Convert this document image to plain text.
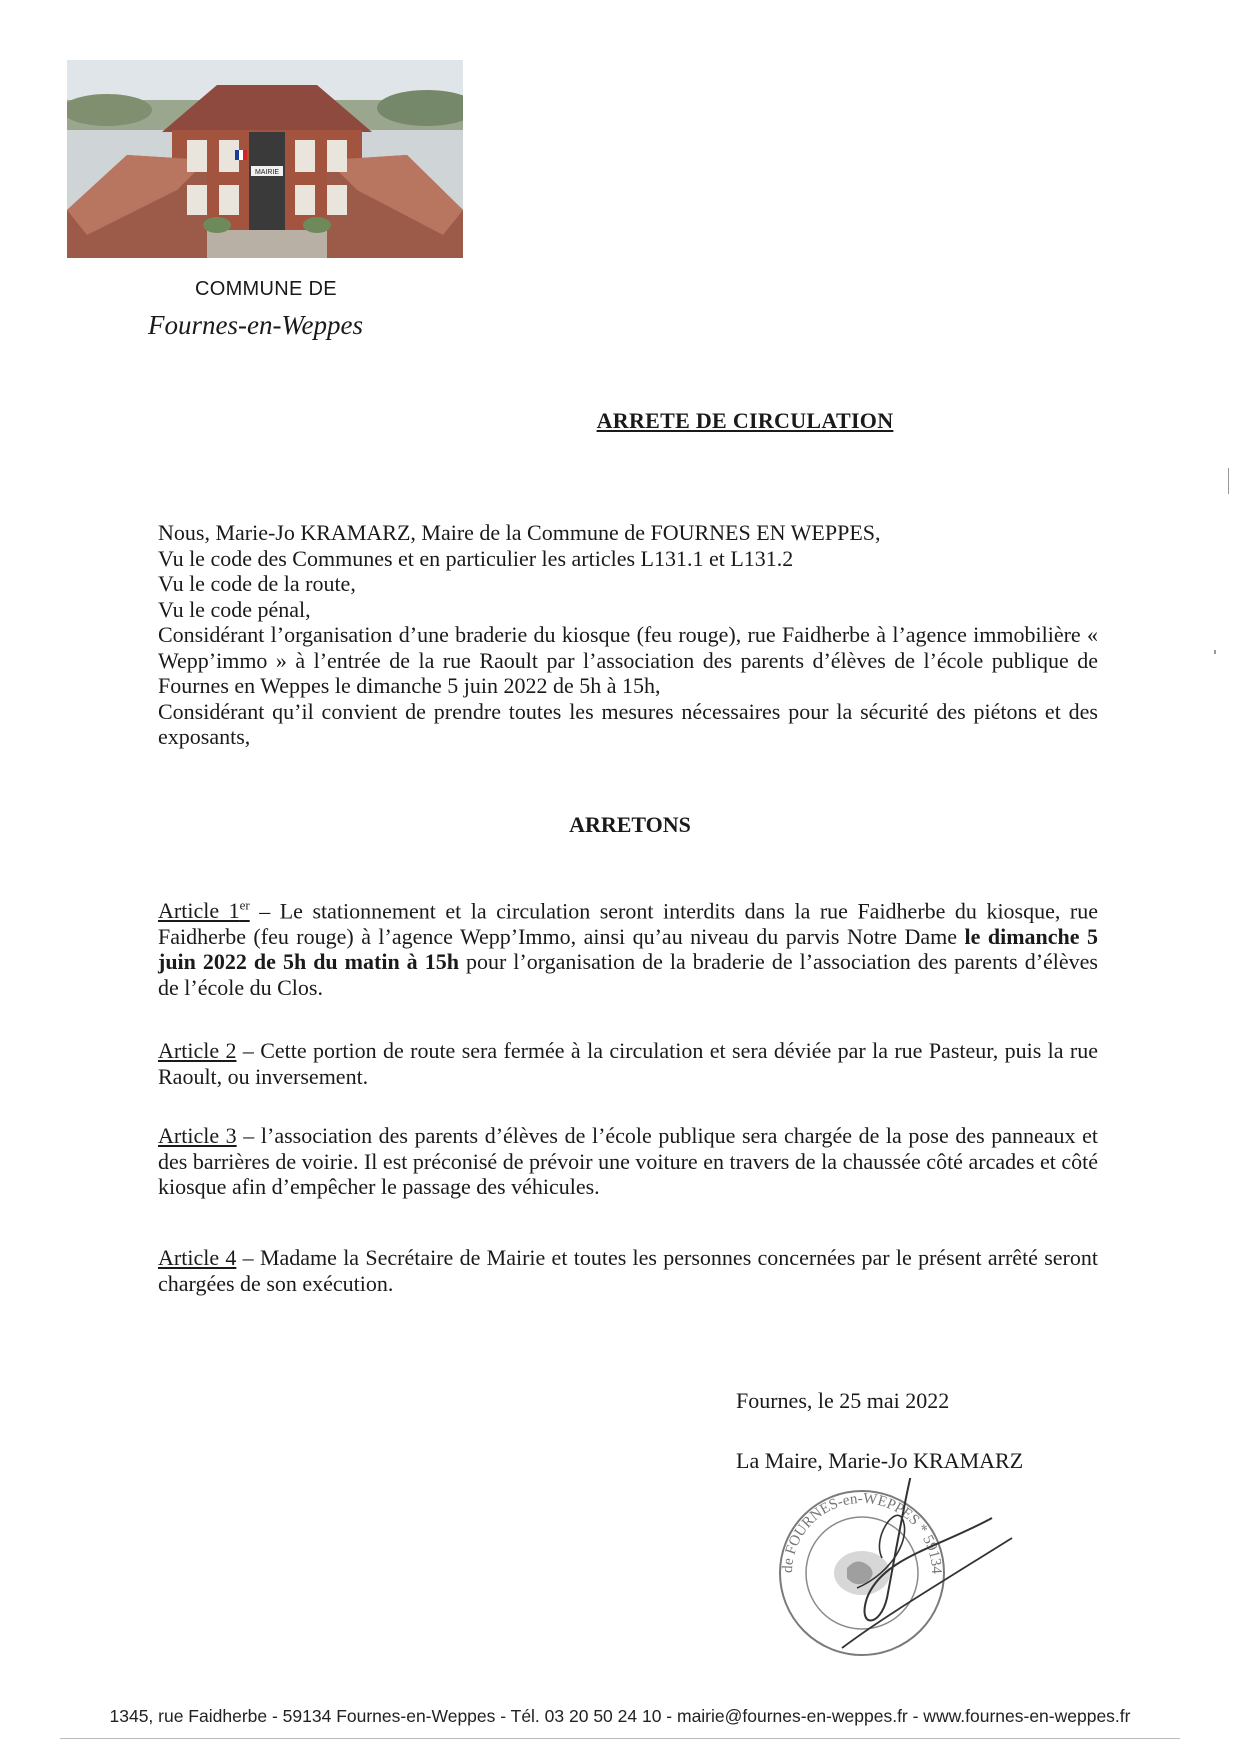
MAIRIE
COMMUNE DE
Fournes-en-Weppes
ARRETE DE CIRCULATION

Nous, Marie-Jo KRAMARZ, Maire de la Commune de FOURNES EN WEPPES,

Vu le code des Communes et en particulier les articles L131.1 et L131.2

Vu le code de la route,

Vu le code pénal,

Considérant l’organisation d’une braderie du kiosque (feu rouge), rue Faidherbe à l’agence immobilière « Wepp’immo » à l’entrée de la rue Raoult par l’association des parents d’élèves de l’école publique de Fournes en Weppes le dimanche 5 juin 2022 de 5h à 15h,

Considérant qu’il convient de prendre toutes les mesures nécessaires pour la sécurité des piétons et des exposants,

ARRETONS

Article 1er – Le stationnement et la circulation seront interdits dans la rue Faidherbe du kiosque, rue Faidherbe (feu rouge) à l’agence Wepp’Immo, ainsi qu’au niveau du parvis Notre Dame le dimanche 5 juin 2022 de 5h du matin à 15h pour l’organisation de la braderie de l’association des parents d’élèves de l’école du Clos.

Article 2 – Cette portion de route sera fermée à la circulation et sera déviée par la rue Pasteur, puis la rue Raoult, ou inversement.

Article 3 – l’association des parents d’élèves de l’école publique sera chargée de la pose des panneaux et des barrières de voirie. Il est préconisé de prévoir une voiture en travers de la chaussée côté arcades et côté kiosque afin d’empêcher le passage des véhicules.

Article 4 – Madame la Secrétaire de Mairie et toutes les personnes concernées par le présent arrêté seront chargées de son exécution.

Fournes, le 25 mai 2022
La Maire, Marie-Jo KRAMARZ
de FOURNES-en-WEPPES * 59134
1345, rue Faidherbe - 59134 Fournes-en-Weppes - Tél. 03 20 50 24 10 - mairie@fournes-en-weppes.fr - www.fournes-en-weppes.fr
